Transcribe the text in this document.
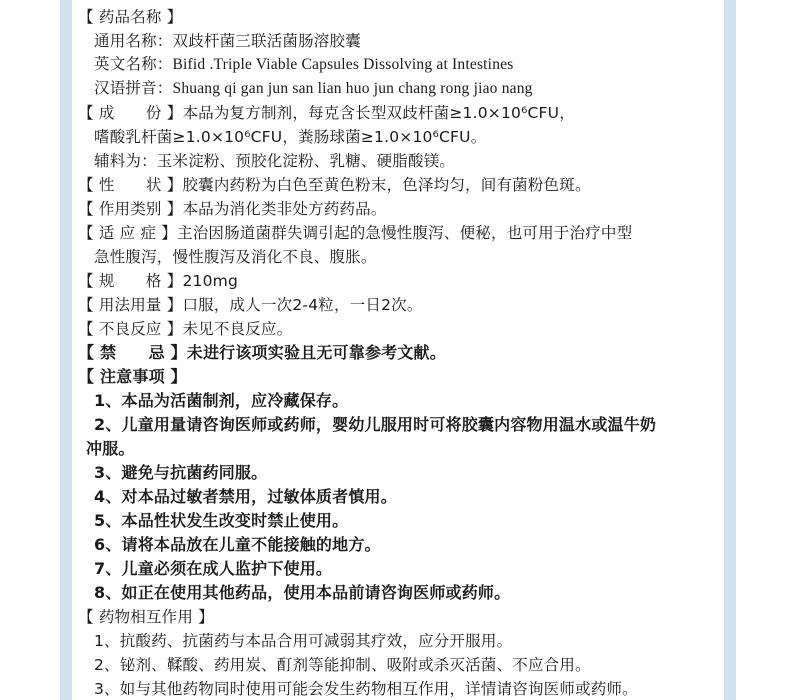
【 药品名称 】
通用名称：双歧杆菌三联活菌肠溶胶囊
英文名称：Bifid .Triple Viable Capsules Dissolving at Intestines
汉语拼音：Shuang qi gan jun san lian huo jun chang rong jiao nang
【 成　　份 】本品为复方制剂，每克含长型双歧杆菌≥1.0×10⁶CFU，
嗜酸乳杆菌≥1.0×10⁶CFU，粪肠球菌≥1.0×10⁶CFU。
辅料为：玉米淀粉、预胶化淀粉、乳糖、硬脂酸镁。
【 性　　状 】胶囊内药粉为白色至黄色粉末，色泽均匀，间有菌粉色斑。
【 作用类别 】本品为消化类非处方药药品。
【 适 应 症 】主治因肠道菌群失调引起的急慢性腹泻、便秘，也可用于治疗中型
急性腹泻，慢性腹泻及消化不良、腹胀。
【 规　　格 】210mg
【 用法用量 】口服，成人一次2-4粒，一日2次。
【 不良反应 】未见不良反应。
【 禁　　忌 】未进行该项实验且无可靠参考文献。
【 注意事项 】
1、本品为活菌制剂，应冷藏保存。
2、儿童用量请咨询医师或药师，婴幼儿服用时可将胶囊内容物用温水或温牛奶
冲服。
3、避免与抗菌药同服。
4、对本品过敏者禁用，过敏体质者慎用。
5、本品性状发生改变时禁止使用。
6、请将本品放在儿童不能接触的地方。
7、儿童必须在成人监护下使用。
8、如正在使用其他药品，使用本品前请咨询医师或药师。
【 药物相互作用 】
1、抗酸药、抗菌药与本品合用可减弱其疗效，应分开服用。
2、铋剂、鞣酸、药用炭、酊剂等能抑制、吸附或杀灭活菌、不应合用。
3、如与其他药物同时使用可能会发生药物相互作用，详情请咨询医师或药师。
